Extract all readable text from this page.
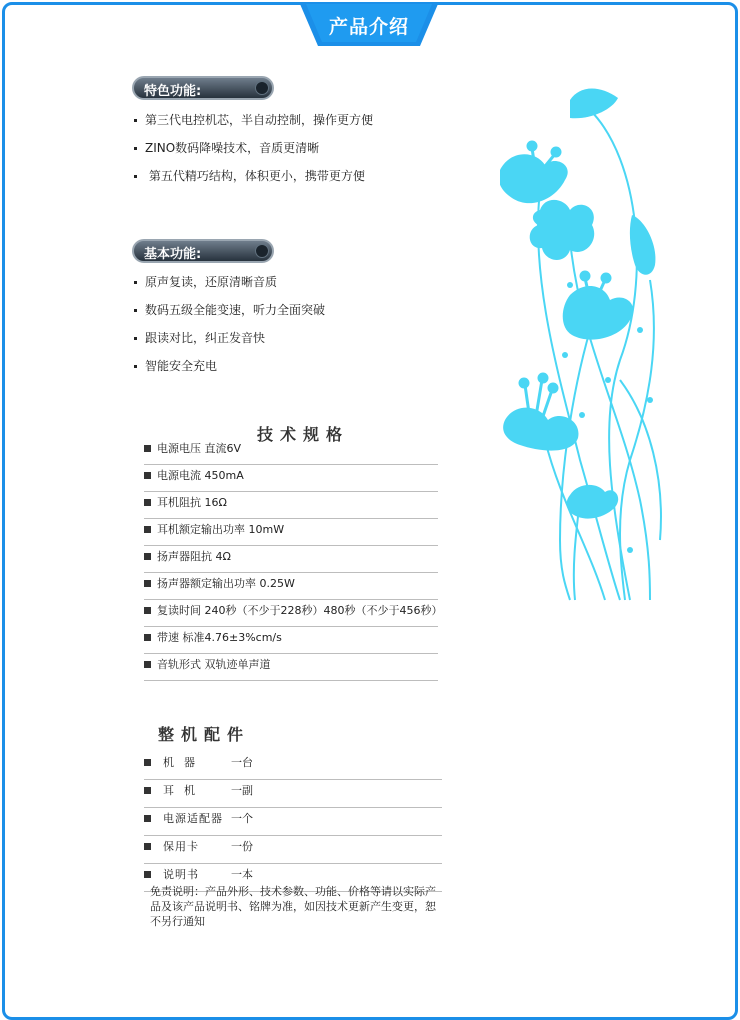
产品介绍
特色功能:
第三代电控机芯，半自动控制，操作更方便
ZINO数码降噪技术，音质更清晰
第五代精巧结构，体积更小，携带更方便
基本功能:
原声复读，还原清晰音质
数码五级全能变速，听力全面突破
跟读对比，纠正发音快
智能安全充电
技术规格
电源电压 直流6V
电源电流 450mA
耳机阻抗 16Ω
耳机额定输出功率 10mW
扬声器阻抗 4Ω
扬声器额定输出功率 0.25W
复读时间 240秒（不少于228秒）480秒（不少于456秒）
带速 标准4.76±3%cm/s
音轨形式 双轨迹单声道
整机配件
机  器	一台
耳  机	一副
电源适配器 一个
保用卡	一份
说明书	一本
免责说明：产品外形、技术参数、功能、价格等请以实际产品及该产品说明书、铭牌为准，如因技术更新产生变更，恕不另行通知
